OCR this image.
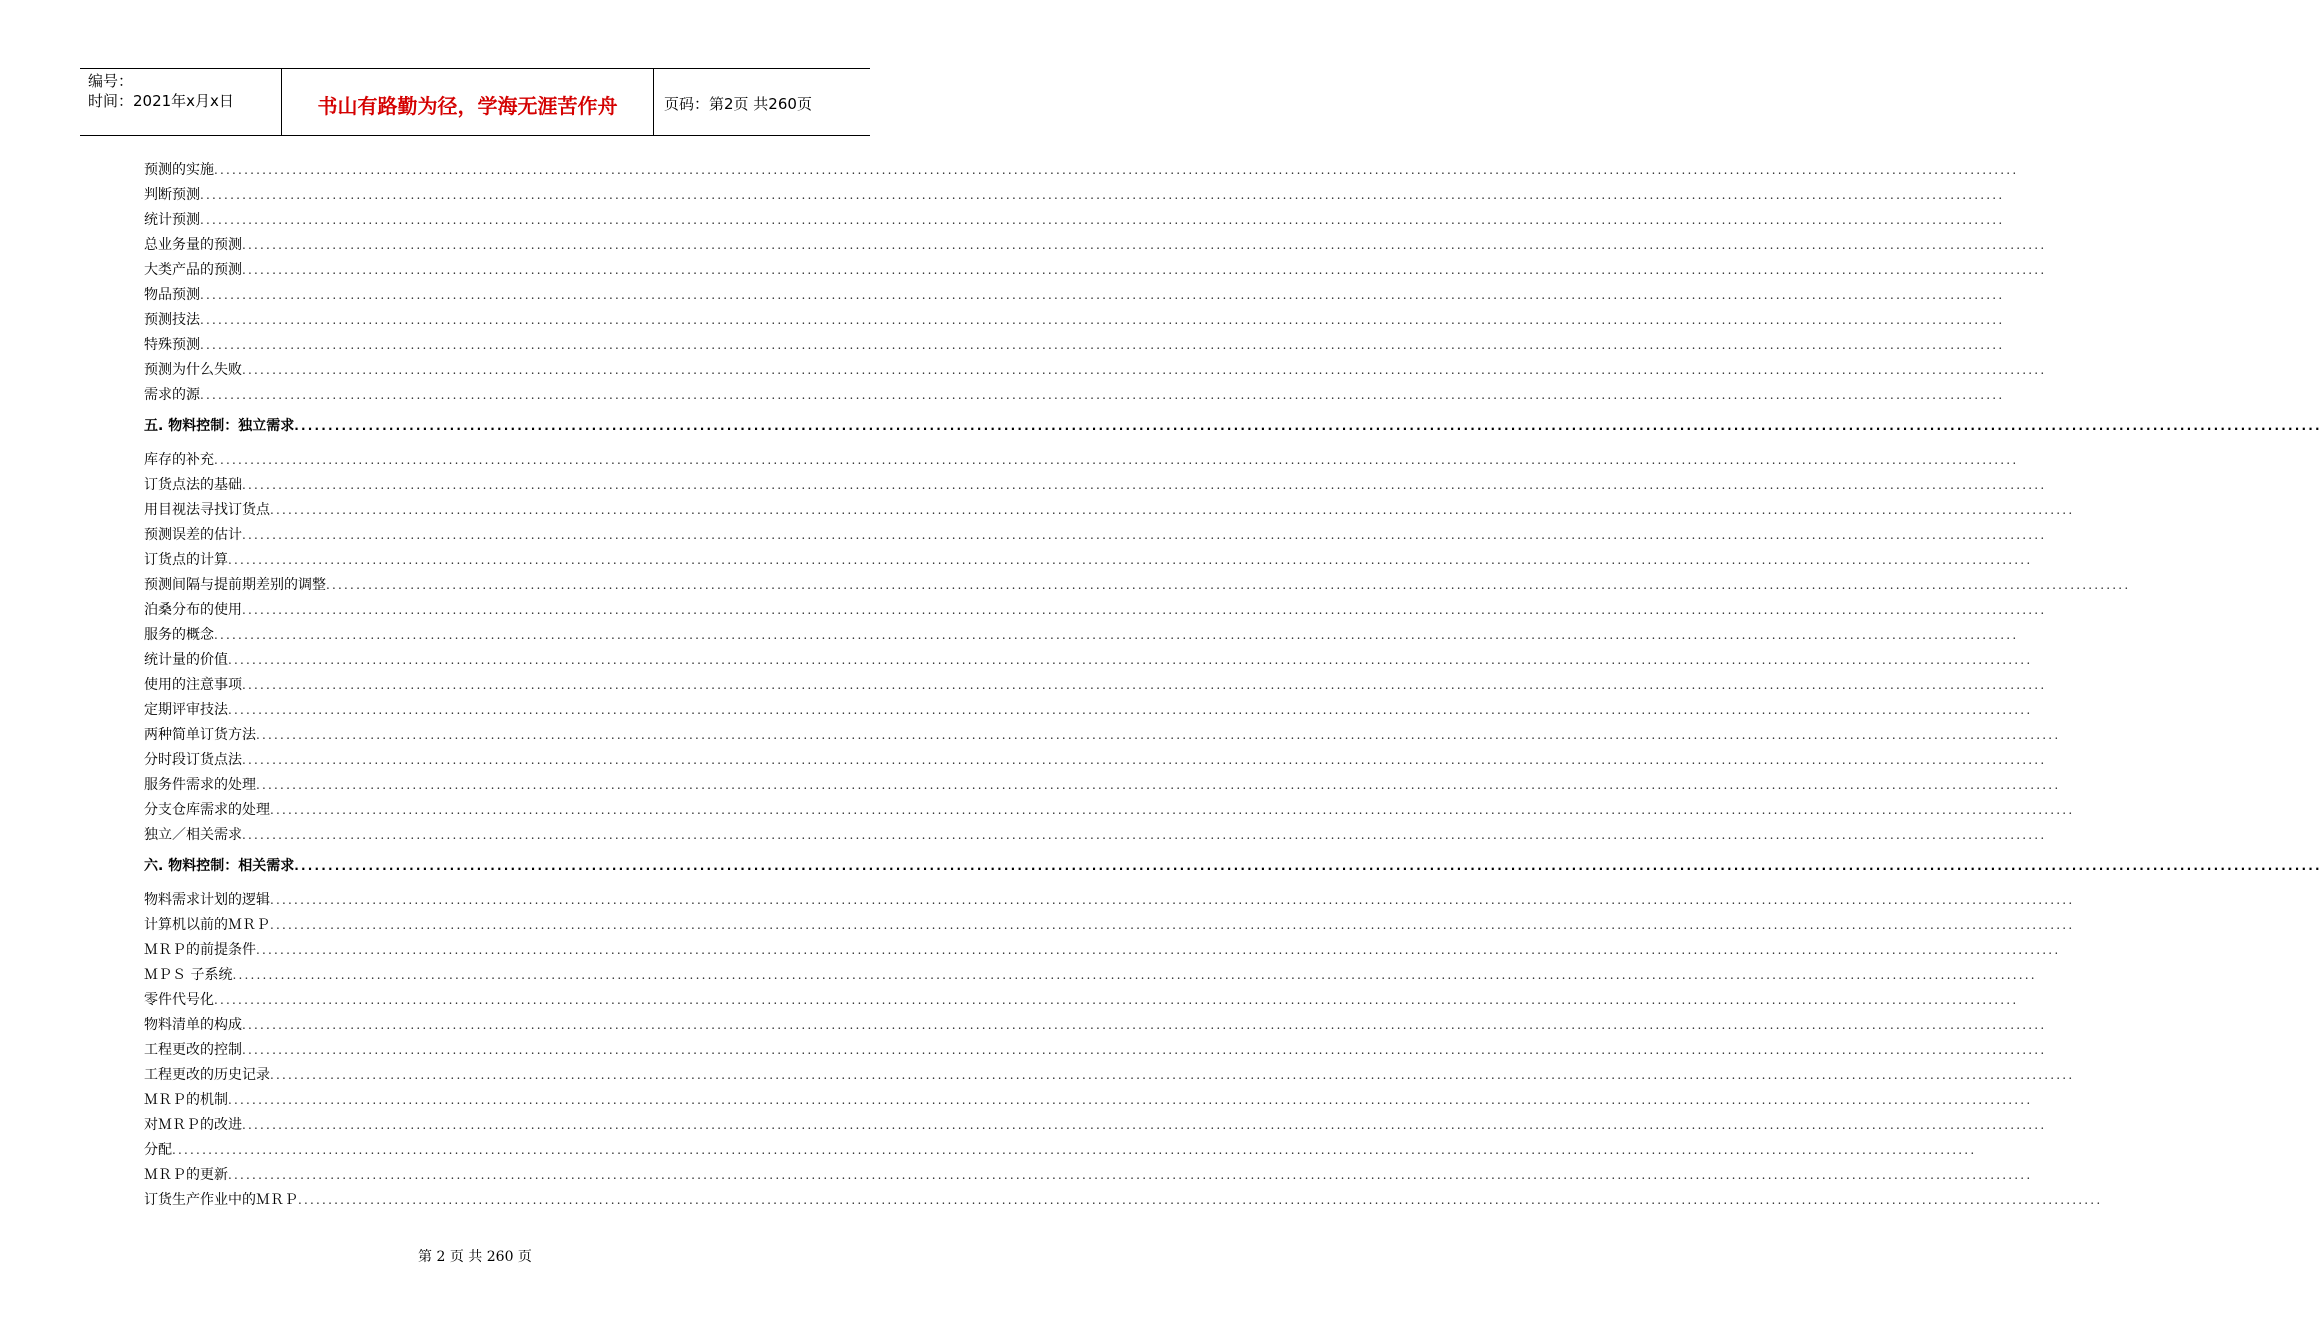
编号：
时间：2021年x月x日	书山有路勤为径，学海无涯苦作舟	页码：第2页 共260页
预测的实施 ............................................................................................................................................................................................................................................................................................................
判断预测 ............................................................................................................................................................................................................................................................................................................
统计预测 ............................................................................................................................................................................................................................................................................................................
总业务量的预测 ............................................................................................................................................................................................................................................................................................................
大类产品的预测 ............................................................................................................................................................................................................................................................................................................
物品预测 ............................................................................................................................................................................................................................................................................................................
预测技法 ............................................................................................................................................................................................................................................................................................................
特殊预测 ............................................................................................................................................................................................................................................................................................................
预测为什么失败 ............................................................................................................................................................................................................................................................................................................
需求的源 ............................................................................................................................................................................................................................................................................................................
五. 物料控制：独立需求 ............................................................................................................................................................................................................................................................................................................
库存的补充 ............................................................................................................................................................................................................................................................................................................
订货点法的基础 ............................................................................................................................................................................................................................................................................................................
用目视法寻找订货点 ............................................................................................................................................................................................................................................................................................................
预测误差的估计 ............................................................................................................................................................................................................................................................................................................
订货点的计算 ............................................................................................................................................................................................................................................................................................................
预测间隔与提前期差别的调整 ............................................................................................................................................................................................................................................................................................................
泊桑分布的使用 ............................................................................................................................................................................................................................................................................................................
服务的概念 ............................................................................................................................................................................................................................................................................................................
统计量的价值 ............................................................................................................................................................................................................................................................................................................
使用的注意事项 ............................................................................................................................................................................................................................................................................................................
定期评审技法 ............................................................................................................................................................................................................................................................................................................
两种简单订货方法 ............................................................................................................................................................................................................................................................................................................
分时段订货点法 ............................................................................................................................................................................................................................................................................................................
服务件需求的处理 ............................................................................................................................................................................................................................................................................................................
分支仓库需求的处理 ............................................................................................................................................................................................................................................................................................................
独立／相关需求 ............................................................................................................................................................................................................................................................................................................
六. 物料控制：相关需求 ............................................................................................................................................................................................................................................................................................................
物料需求计划的逻辑 ............................................................................................................................................................................................................................................................................................................
计算机以前的ＭＲＰ ............................................................................................................................................................................................................................................................................................................
ＭＲＰ的前提条件 ............................................................................................................................................................................................................................................................................................................
ＭＰＳ 子系统 ............................................................................................................................................................................................................................................................................................................
零件代号化 ............................................................................................................................................................................................................................................................................................................
物料清单的构成 ............................................................................................................................................................................................................................................................................................................
工程更改的控制 ............................................................................................................................................................................................................................................................................................................
工程更改的历史记录 ............................................................................................................................................................................................................................................................................................................
ＭＲＰ的机制 ............................................................................................................................................................................................................................................................................................................
对ＭＲＰ的改进 ............................................................................................................................................................................................................................................................................................................
分配 ............................................................................................................................................................................................................................................................................................................
ＭＲＰ的更新 ............................................................................................................................................................................................................................................................................................................
订货生产作业中的ＭＲＰ ............................................................................................................................................................................................................................................................................................................
第 2 页 共 260 页
